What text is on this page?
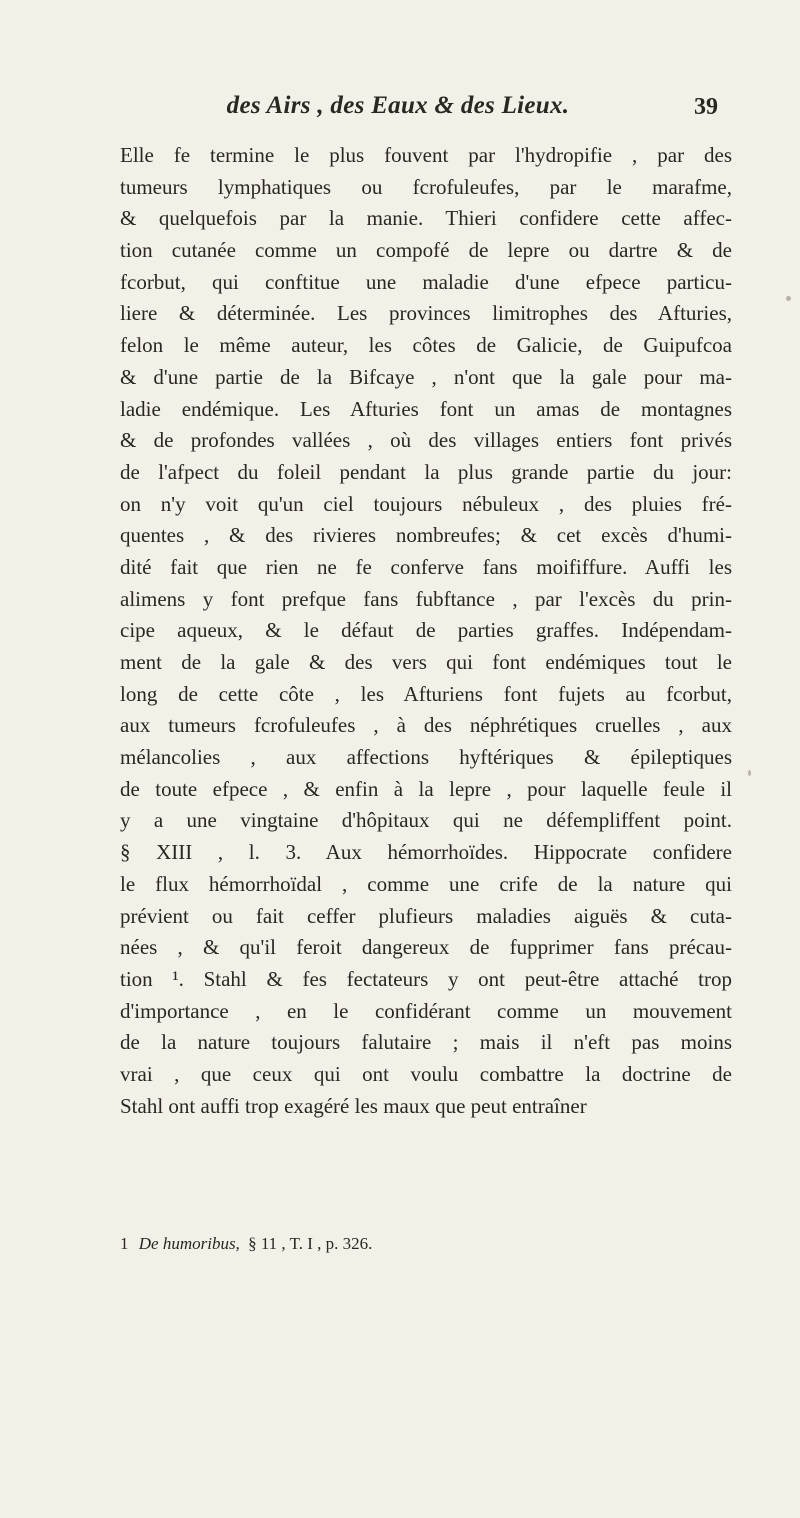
des Airs , des Eaux & des Lieux.	39
Elle fe termine le plus fouvent par l'hydropifie , par des
tumeurs lymphatiques ou fcrofuleufes, par le marafme,
& quelquefois par la manie. Thieri confidere cette affec-
tion cutanée comme un compofé de lepre ou dartre & de
fcorbut, qui conftitue une maladie d'une efpece particu-
liere & déterminée. Les provinces limitrophes des Afturies,
felon le même auteur, les côtes de Galicie, de Guipufcoa
& d'une partie de la Bifcaye , n'ont que la gale pour ma-
ladie endémique. Les Afturies font un amas de montagnes
& de profondes vallées , où des villages entiers font privés
de l'afpect du foleil pendant la plus grande partie du jour:
on n'y voit qu'un ciel toujours nébuleux , des pluies fré-
quentes , & des rivieres nombreufes; & cet excès d'humi-
dité fait que rien ne fe conferve fans moififfure. Auffi les
alimens y font prefque fans fubftance , par l'excès du prin-
cipe aqueux, & le défaut de parties graffes. Indépendam-
ment de la gale & des vers qui font endémiques tout le
long de cette côte , les Afturiens font fujets au fcorbut,
aux tumeurs fcrofuleufes , à des néphrétiques cruelles , aux
mélancolies , aux affections hyftériques & épileptiques
de toute efpece , & enfin à la lepre , pour laquelle feule il
y a une vingtaine d'hôpitaux qui ne défempliffent point.
§ XIII , l. 3. Aux hémorrhoïdes. Hippocrate confidere
le flux hémorrhoïdal , comme une crife de la nature qui
prévient ou fait ceffer plufieurs maladies aiguës & cuta-
nées , & qu'il feroit dangereux de fupprimer fans précau-
tion ¹. Stahl & fes fectateurs y ont peut-être attaché trop
d'importance , en le confidérant comme un mouvement
de la nature toujours falutaire ; mais il n'eft pas moins
vrai , que ceux qui ont voulu combattre la doctrine de
Stahl ont auffi trop exagéré les maux que peut entraîner
1 De humoribus, § 11 , T. I , p. 326.
